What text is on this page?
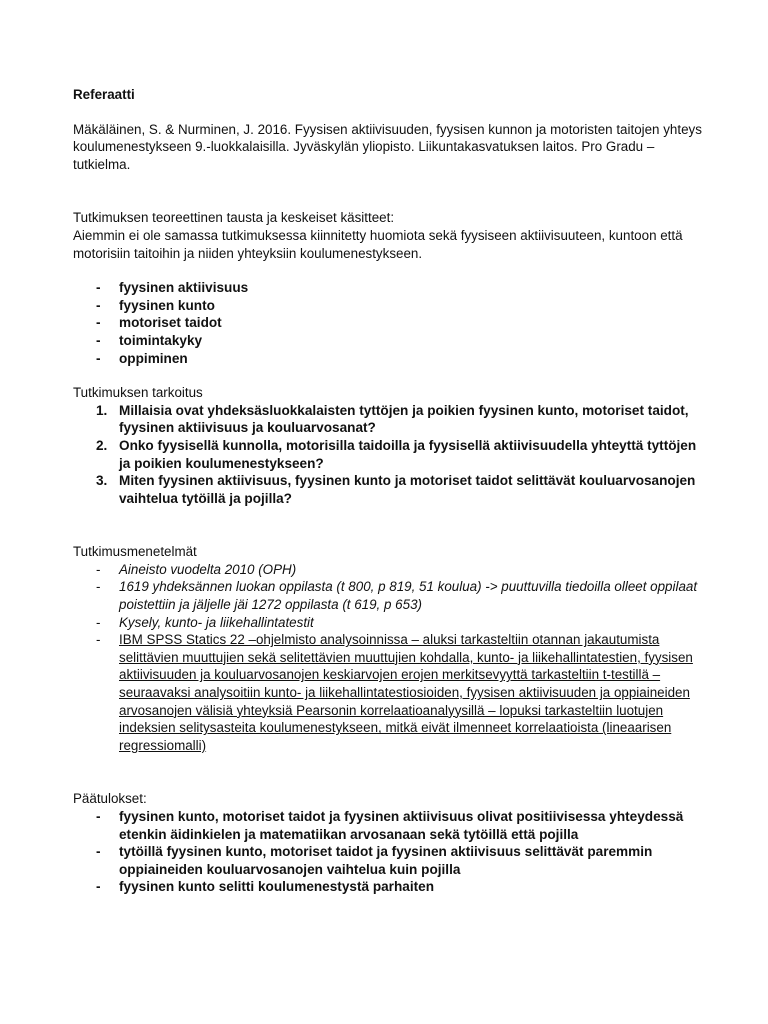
Referaatti

Mäkäläinen, S. & Nurminen, J. 2016. Fyysisen aktiivisuuden, fyysisen kunnon ja motoristen taitojen yhteys koulumenestykseen 9.-luokkalaisilla. Jyväskylän yliopisto. Liikuntakasvatuksen laitos. Pro Gradu –tutkielma.

Tutkimuksen teoreettinen tausta ja keskeiset käsitteet:

Aiemmin ei ole samassa tutkimuksessa kiinnitetty huomiota sekä fyysiseen aktiivisuuteen, kuntoon että motorisiin taitoihin ja niiden yhteyksiin koulumenestykseen.

- fyysinen aktiivisuus
- fyysinen kunto
- motoriset taidot
- toimintakyky
- oppiminen

Tutkimuksen tarkoitus

1. Millaisia ovat yhdeksäsluokkalaisten tyttöjen ja poikien fyysinen kunto, motoriset taidot, fyysinen aktiivisuus ja kouluarvosanat?
2. Onko fyysisellä kunnolla, motorisilla taidoilla ja fyysisellä aktiivisuudella yhteyttä tyttöjen ja poikien koulumenestykseen?
3. Miten fyysinen aktiivisuus, fyysinen kunto ja motoriset taidot selittävät kouluarvosanojen vaihtelua tytöillä ja pojilla?

Tutkimusmenetelmät

- Aineisto vuodelta 2010 (OPH)
- 1619 yhdeksännen luokan oppilasta (t 800, p 819, 51 koulua) -> puuttuvilla tiedoilla olleet oppilaat poistettiin ja jäljelle jäi 1272 oppilasta (t 619, p 653)
- Kysely, kunto- ja liikehallintatestit
- IBM SPSS Statics 22 –ohjelmisto analysoinnissa – aluksi tarkasteltiin otannan jakautumista selittävien muuttujien sekä selitettävien muuttujien kohdalla, kunto- ja liikehallintatestien, fyysisen aktiivisuuden ja kouluarvosanojen keskiarvojen erojen merkitsevyyttä tarkasteltiin t-testillä – seuraavaksi analysoitiin kunto- ja liikehallintatestiosioiden, fyysisen aktiivisuuden ja oppiaineiden arvosanojen välisiä yhteyksiä Pearsonin korrelaatioanalyysillä – lopuksi tarkasteltiin luotujen indeksien selitysasteita koulumenestykseen, mitkä eivät ilmenneet korrelaatioista (lineaarisen regressiomalli)

Päätulokset:

- fyysinen kunto, motoriset taidot ja fyysinen aktiivisuus olivat positiivisessa yhteydessä etenkin äidinkielen ja matematiikan arvosanaan sekä tytöillä että pojilla
- tytöillä fyysinen kunto, motoriset taidot ja fyysinen aktiivisuus selittävät paremmin oppiaineiden kouluarvosanojen vaihtelua kuin pojilla
- fyysinen kunto selitti koulumenestystä parhaiten
